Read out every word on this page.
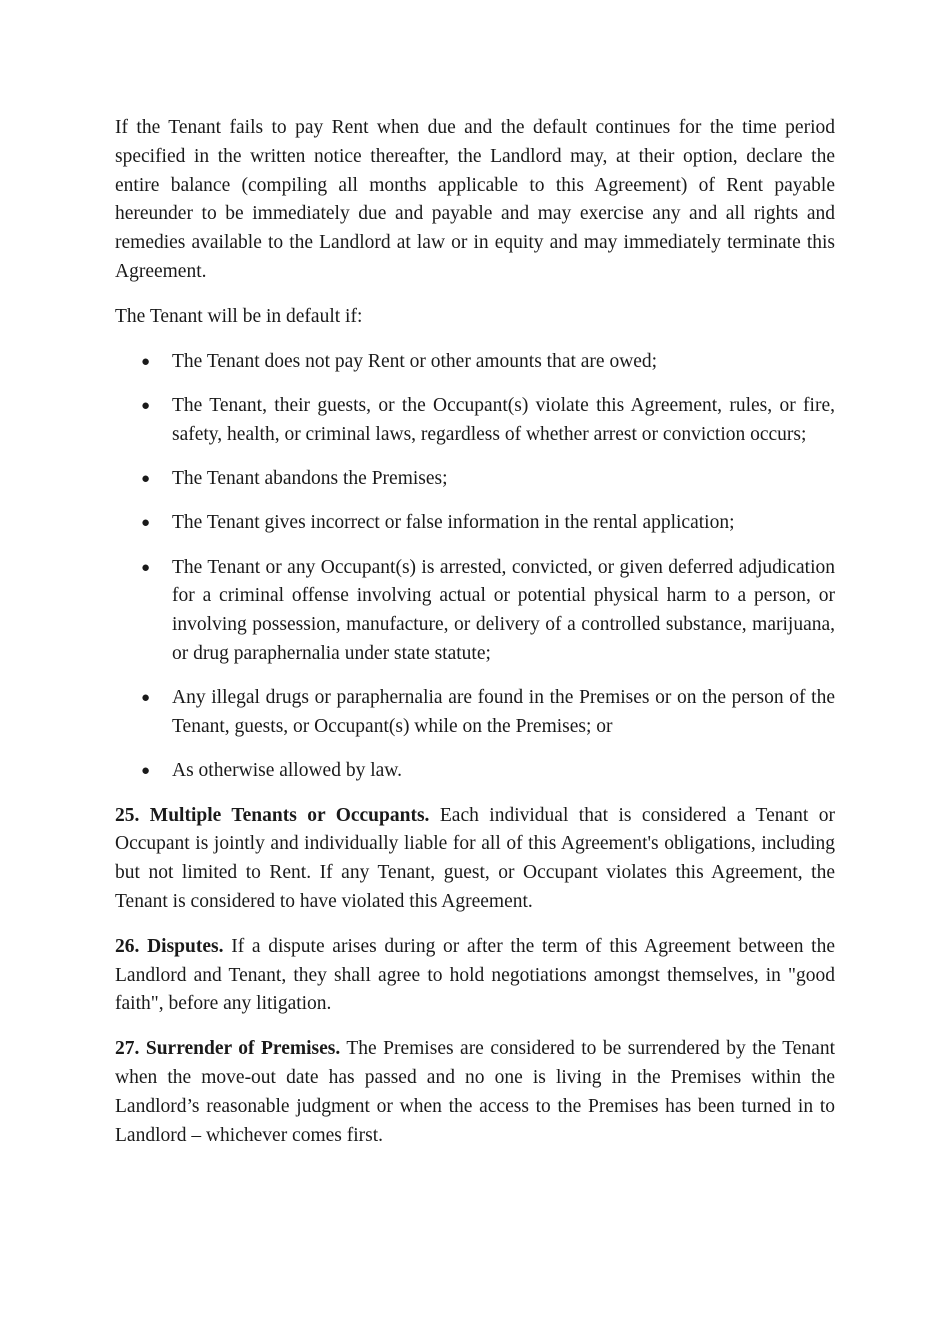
If the Tenant fails to pay Rent when due and the default continues for the time period specified in the written notice thereafter, the Landlord may, at their option, declare the entire balance (compiling all months applicable to this Agreement) of Rent payable hereunder to be immediately due and payable and may exercise any and all rights and remedies available to the Landlord at law or in equity and may immediately terminate this Agreement.

The Tenant will be in default if:

● The Tenant does not pay Rent or other amounts that are owed;
● The Tenant, their guests, or the Occupant(s) violate this Agreement, rules, or fire, safety, health, or criminal laws, regardless of whether arrest or conviction occurs;
● The Tenant abandons the Premises;
● The Tenant gives incorrect or false information in the rental application;
● The Tenant or any Occupant(s) is arrested, convicted, or given deferred adjudication for a criminal offense involving actual or potential physical harm to a person, or involving possession, manufacture, or delivery of a controlled substance, marijuana, or drug paraphernalia under state statute;
● Any illegal drugs or paraphernalia are found in the Premises or on the person of the Tenant, guests, or Occupant(s) while on the Premises; or
● As otherwise allowed by law.

25. Multiple Tenants or Occupants. Each individual that is considered a Tenant or Occupant is jointly and individually liable for all of this Agreement's obligations, including but not limited to Rent. If any Tenant, guest, or Occupant violates this Agreement, the Tenant is considered to have violated this Agreement.

26. Disputes. If a dispute arises during or after the term of this Agreement between the Landlord and Tenant, they shall agree to hold negotiations amongst themselves, in "good faith", before any litigation.

27. Surrender of Premises. The Premises are considered to be surrendered by the Tenant when the move-out date has passed and no one is living in the Premises within the Landlord’s reasonable judgment or when the access to the Premises has been turned in to Landlord – whichever comes first.
